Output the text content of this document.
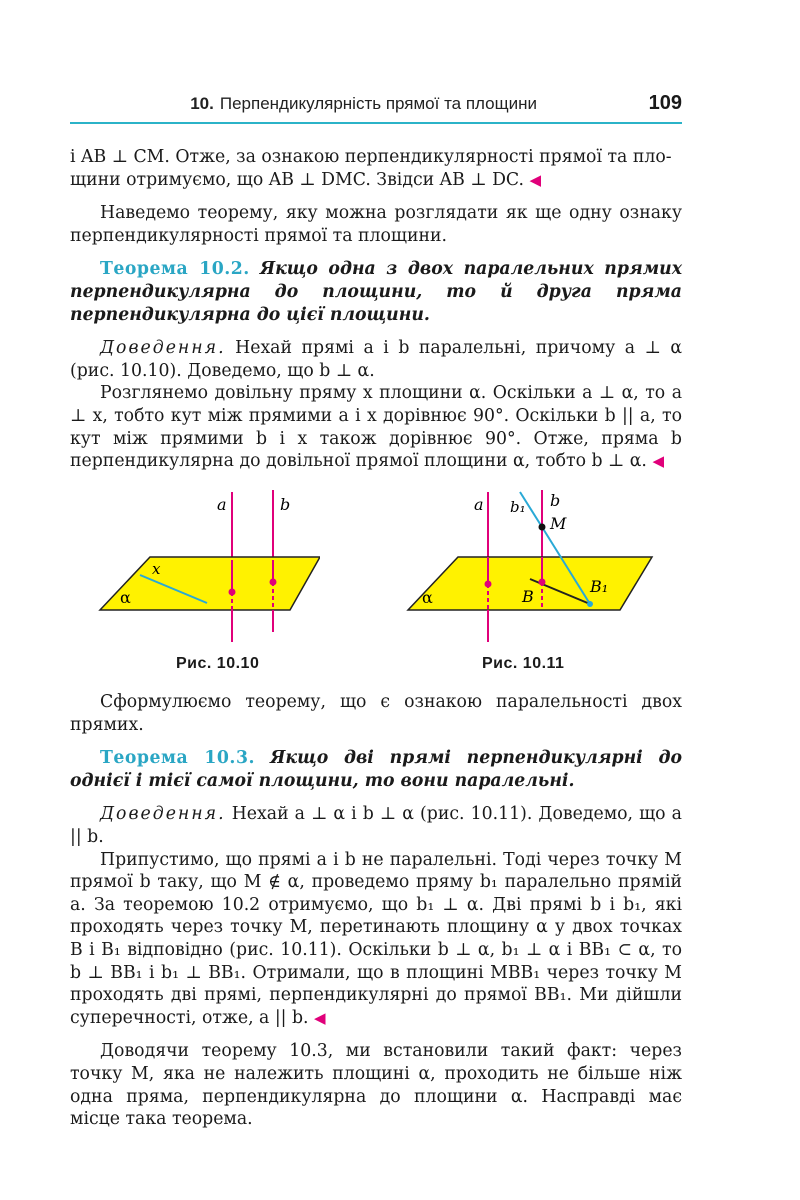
10. Перпендикулярність прямої та площини	109

і AB ⊥ CM. Отже, за ознакою перпендикулярності прямої та пло-
щини отримуємо, що AB ⊥ DMC. Звідси AB ⊥ DC. ◀

Наведемо теорему, яку можна розглядати як ще одну ознаку перпендикулярності прямої та площини.

Теорема 10.2. Якщо одна з двох паралельних прямих перпендикулярна до площини, то й друга пряма перпендикулярна до цієї площини.

Доведення. Нехай прямі a і b паралельні, причому a ⊥ α (рис. 10.10). Доведемо, що b ⊥ α.

Розглянемо довільну пряму x площини α. Оскільки a ⊥ α, то a ⊥ x, тобто кут між прямими a і x дорівнює 90°. Оскільки b || a, то кут між прямими b і x також дорівнює 90°. Отже, пряма b перпендикулярна до довільної прямої площини α, тобто b ⊥ α. ◀

a	b
x
α
Рис. 10.10
a b₁ b
M
B
B₁
α
Рис. 10.11

Сформулюємо теорему, що є ознакою паралельності двох прямих.

Теорема 10.3. Якщо дві прямі перпендикулярні до однієї і тієї самої площини, то вони паралельні.

Доведення. Нехай a ⊥ α і b ⊥ α (рис. 10.11). Доведемо, що a || b.

Припустимо, що прямі a і b не паралельні. Тоді через точку M прямої b таку, що M ∉ α, проведемо пряму b₁ паралельно прямій a. За теоремою 10.2 отримуємо, що b₁ ⊥ α. Дві прямі b і b₁, які проходять через точку M, перетинають площину α у двох точках B і B₁ відповідно (рис. 10.11). Оскільки b ⊥ α, b₁ ⊥ α і BB₁ ⊂ α, то b ⊥ BB₁ і b₁ ⊥ BB₁. Отримали, що в площині MBB₁ через точку M проходять дві прямі, перпендикулярні до прямої BB₁. Ми дійшли суперечності, отже, a || b. ◀

Доводячи теорему 10.3, ми встановили такий факт: через точку M, яка не належить площині α, проходить не більше ніж одна пряма, перпендикулярна до площини α. Насправді має місце така теорема.
